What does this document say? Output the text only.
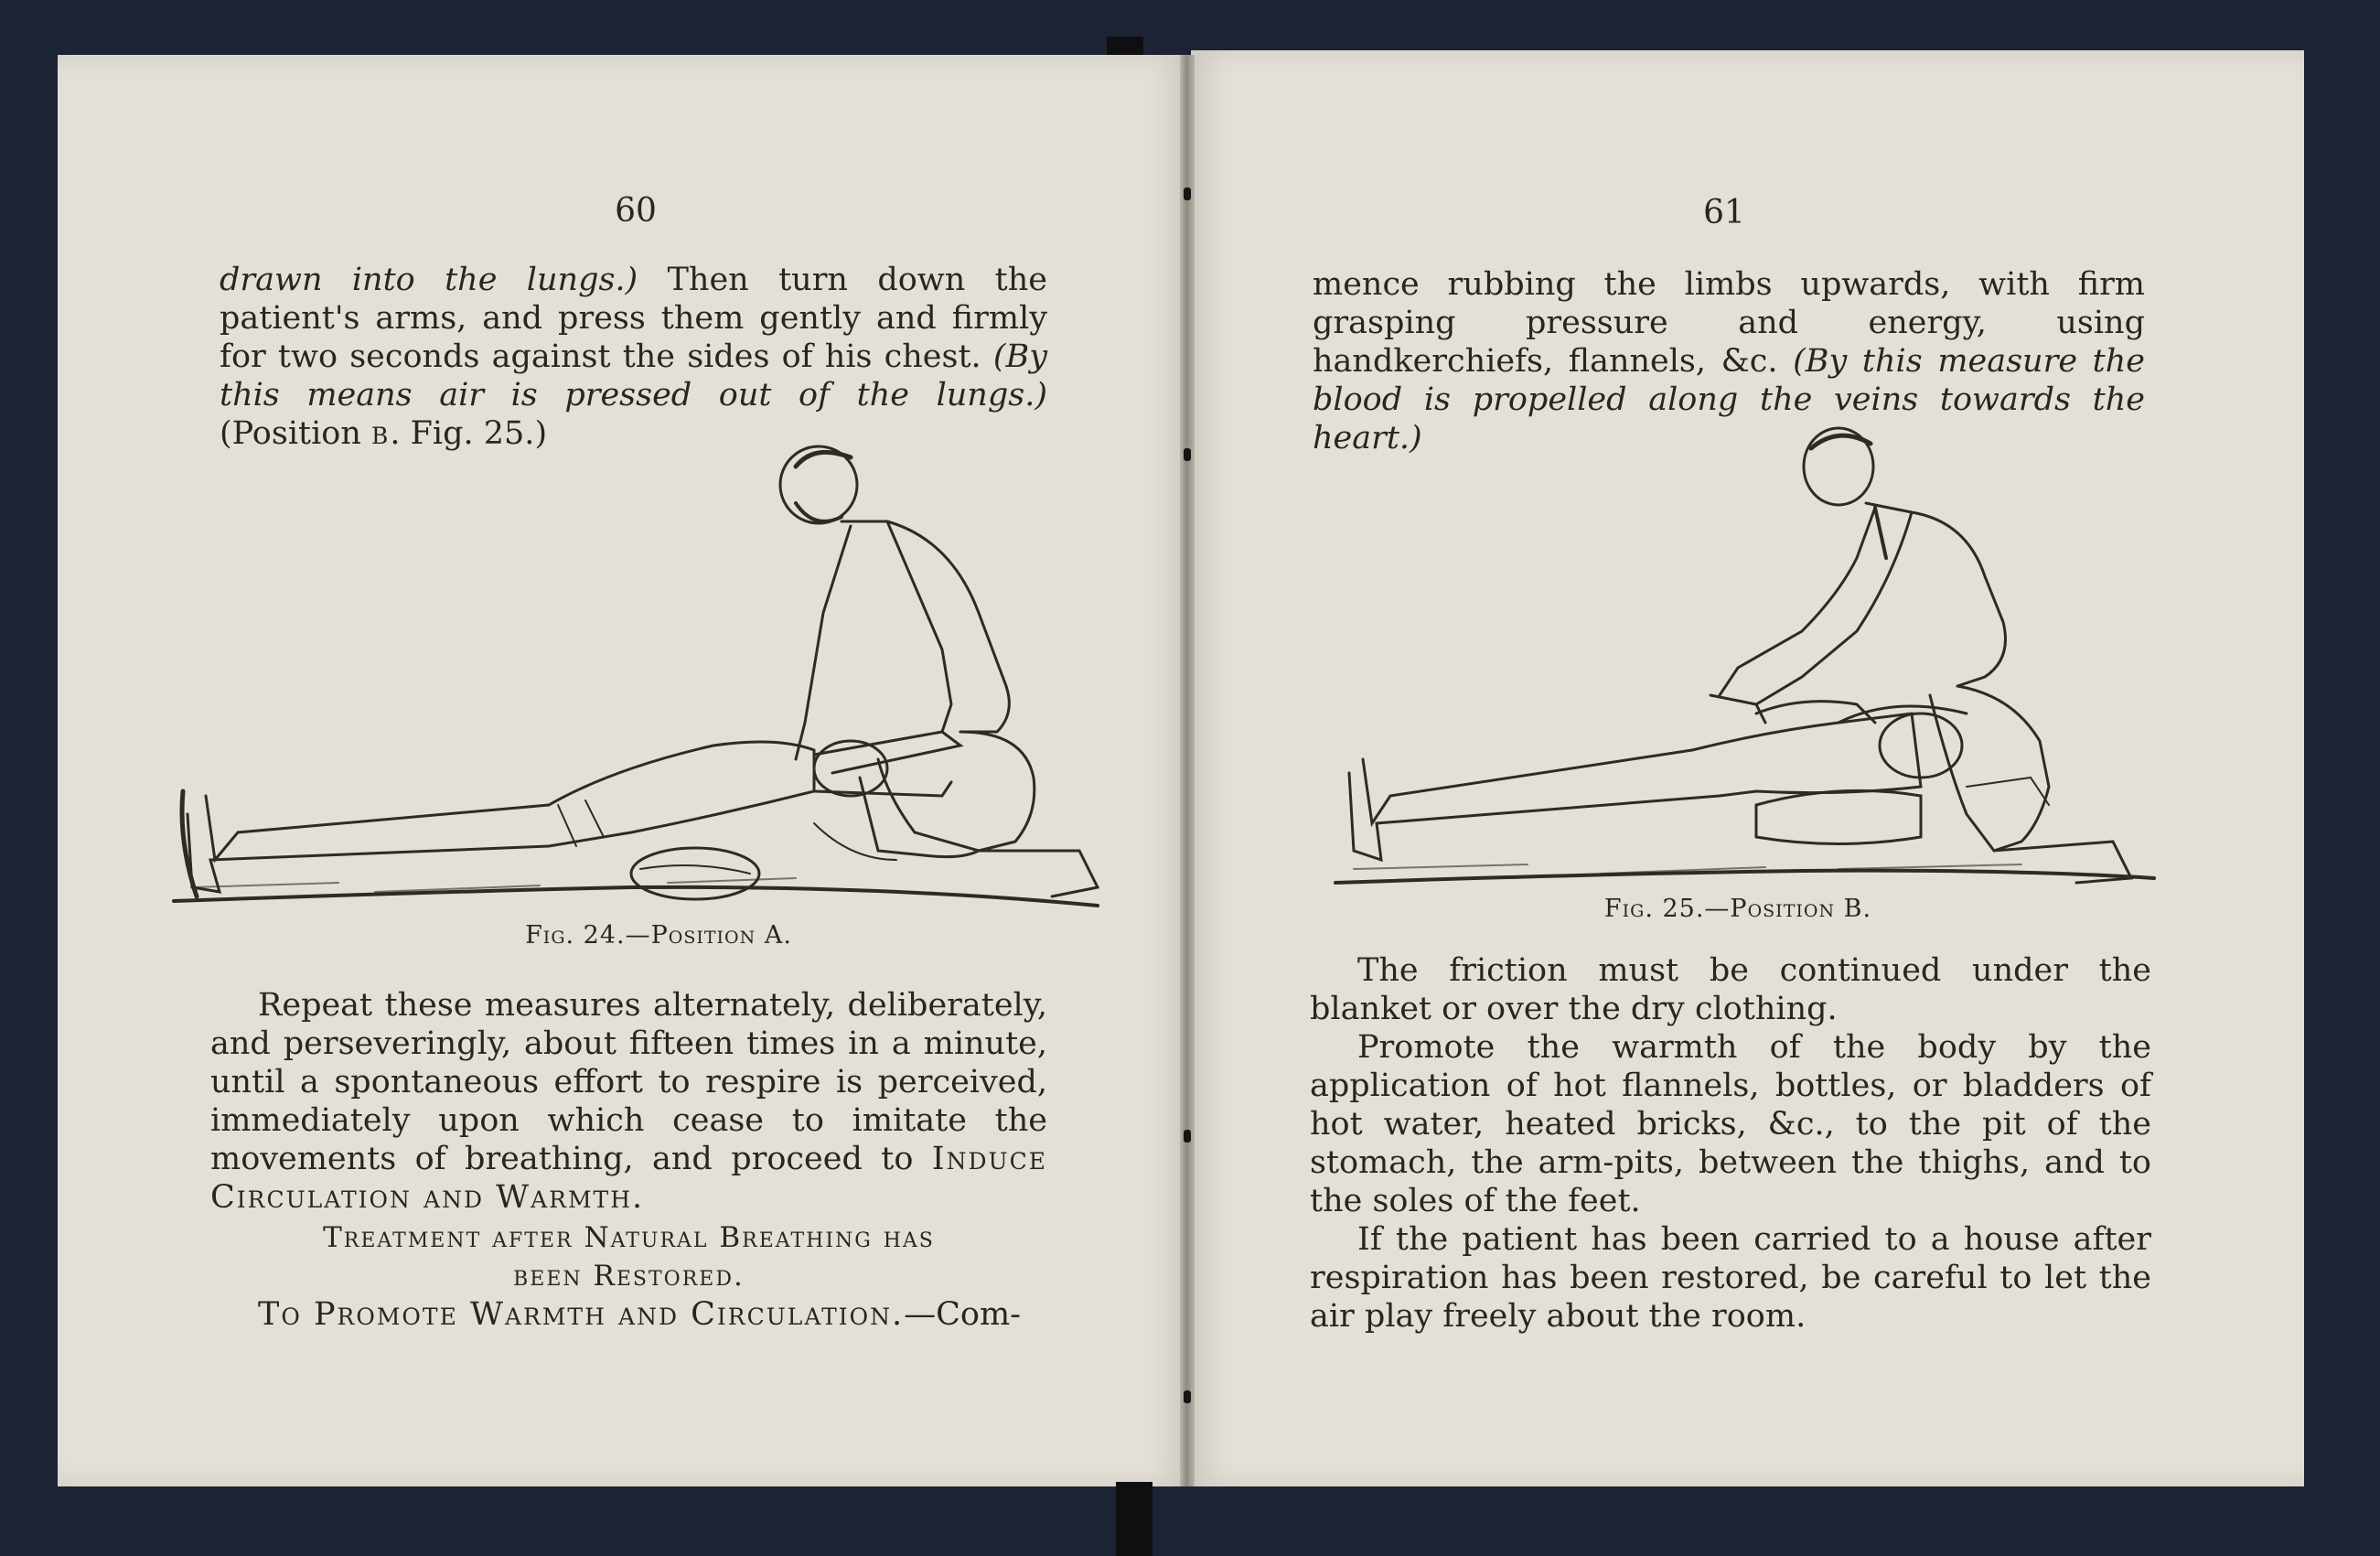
60
drawn into the lungs.) Then turn down the patient's arms, and press them gently and firmly for two seconds against the sides of his chest. (By this means air is pressed out of the lungs.) (Position b. Fig. 25.)
Fig. 24.—Position A.

Repeat these measures alternately, deliberately, and perseveringly, about fifteen times in a minute, until a spontaneous effort to respire is perceived, immediately upon which cease to imitate the movements of breathing, and proceed to Induce Circulation and Warmth.

Treatment after Natural Breathing has

been Restored.

To Promote Warmth and Circulation.—Com-

61
mence rubbing the limbs upwards, with firm grasping pressure and energy, using handkerchiefs, flannels, &c. (By this measure the blood is propelled along the veins towards the heart.)
Fig. 25.—Position B.

The friction must be continued under the blanket or over the dry clothing.

Promote the warmth of the body by the application of hot flannels, bottles, or bladders of hot water, heated bricks, &c., to the pit of the stomach, the arm-pits, between the thighs, and to the soles of the feet.

If the patient has been carried to a house after respiration has been restored, be careful to let the air play freely about the room.
